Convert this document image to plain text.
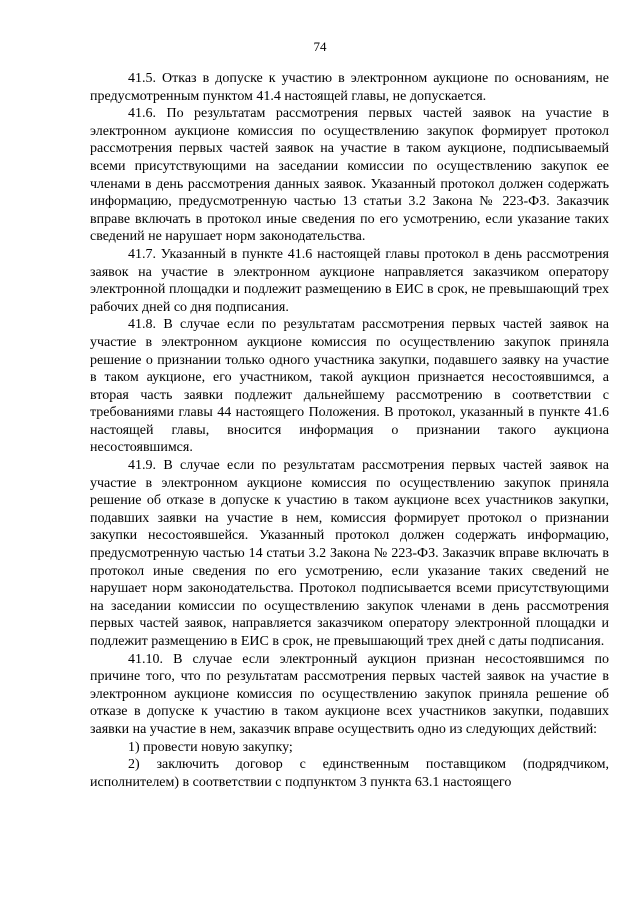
74

41.5. Отказ в допуске к участию в электронном аукционе по основаниям, не предусмотренным пунктом 41.4 настоящей главы, не допускается.

41.6. По результатам рассмотрения первых частей заявок на участие в электронном аукционе комиссия по осуществлению закупок формирует протокол рассмотрения первых частей заявок на участие в таком аукционе, подписываемый всеми присутствующими на заседании комиссии по осуществлению закупок ее членами в день рассмотрения данных заявок. Указанный протокол должен содержать информацию, предусмотренную частью 13 статьи 3.2 Закона № 223-ФЗ. Заказчик вправе включать в протокол иные сведения по его усмотрению, если указание таких сведений не нарушает норм законодательства.

41.7. Указанный в пункте 41.6 настоящей главы протокол в день рассмотрения заявок на участие в электронном аукционе направляется заказчиком оператору электронной площадки и подлежит размещению в ЕИС в срок, не превышающий трех рабочих дней со дня подписания.

41.8. В случае если по результатам рассмотрения первых частей заявок на участие в электронном аукционе комиссия по осуществлению закупок приняла решение о признании только одного участника закупки, подавшего заявку на участие в таком аукционе, его участником, такой аукцион признается несостоявшимся, а вторая часть заявки подлежит дальнейшему рассмотрению в соответствии с требованиями главы 44 настоящего Положения. В протокол, указанный в пункте 41.6 настоящей главы, вносится информация о признании такого аукциона несостоявшимся.

41.9. В случае если по результатам рассмотрения первых частей заявок на участие в электронном аукционе комиссия по осуществлению закупок приняла решение об отказе в допуске к участию в таком аукционе всех участников закупки, подавших заявки на участие в нем, комиссия формирует протокол о признании закупки несостоявшейся. Указанный протокол должен содержать информацию, предусмотренную частью 14 статьи 3.2 Закона № 223-ФЗ. Заказчик вправе включать в протокол иные сведения по его усмотрению, если указание таких сведений не нарушает норм законодательства. Протокол подписывается всеми присутствующими на заседании комиссии по осуществлению закупок членами в день рассмотрения первых частей заявок, направляется заказчиком оператору электронной площадки и подлежит размещению в ЕИС в срок, не превышающий трех дней с даты подписания.

41.10. В случае если электронный аукцион признан несостоявшимся по причине того, что по результатам рассмотрения первых частей заявок на участие в электронном аукционе комиссия по осуществлению закупок приняла решение об отказе в допуске к участию в таком аукционе всех участников закупки, подавших заявки на участие в нем, заказчик вправе осуществить одно из следующих действий:

1) провести новую закупку;

2) заключить договор с единственным поставщиком (подрядчиком, исполнителем) в соответствии с подпунктом 3 пункта 63.1 настоящего
